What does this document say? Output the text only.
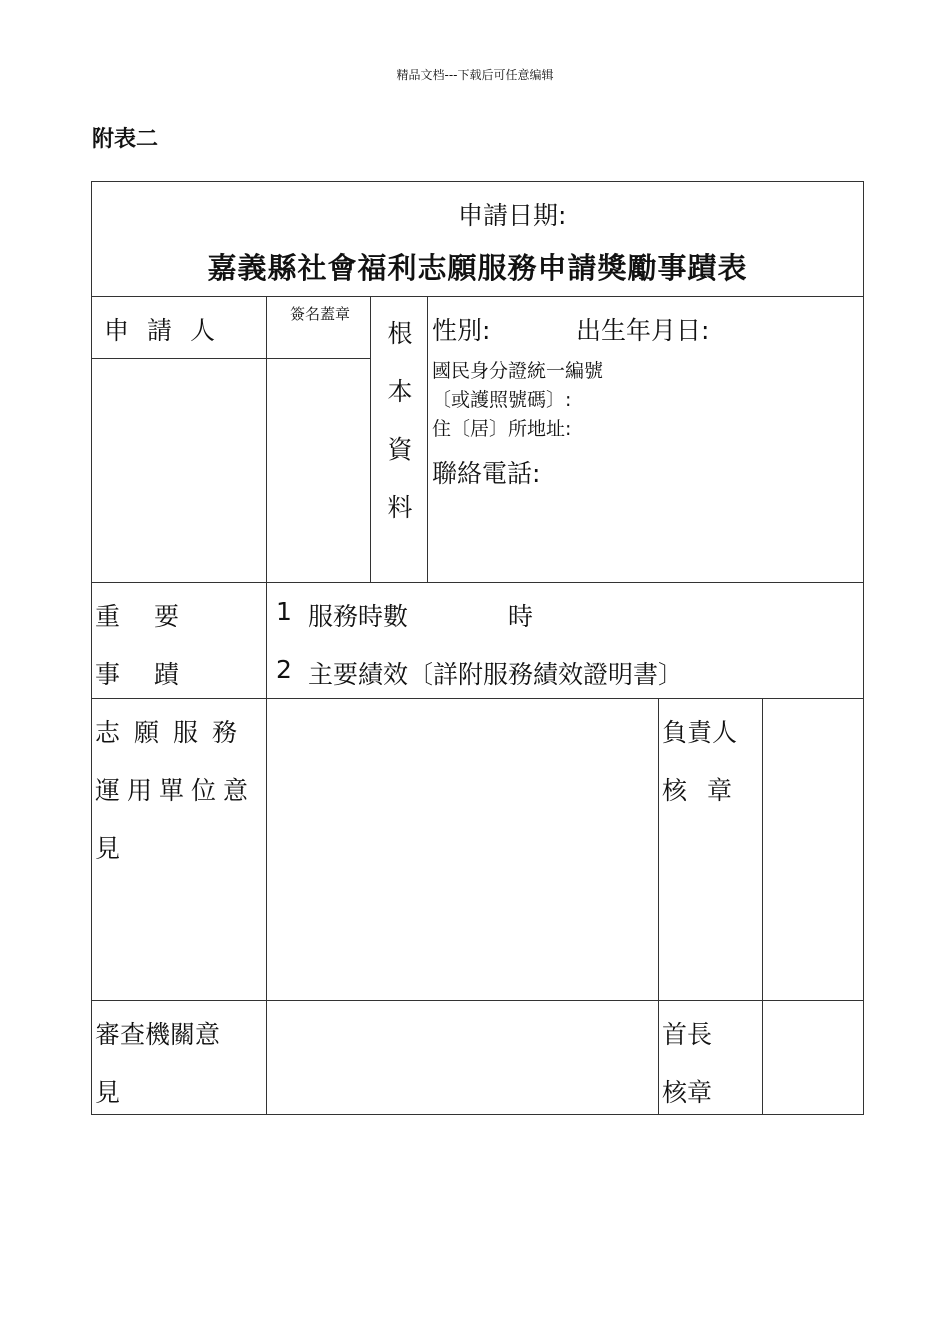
精品文档---下载后可任意编辑
附表二
申請日期:
嘉義縣社會福利志願服務申請獎勵事蹟表
申請人
簽名蓋章
根
本
資
料
性別:	出生年月日:
國民身分證統一編號
〔或護照號碼〕:
住〔居〕所地址:
聯絡電話:
重要
事蹟
1 服務時數	時
2 主要績效〔詳附服務績效證明書〕
志願服務
運用單位意
見
負責人
核章
審查機關意
見
首長
核章
